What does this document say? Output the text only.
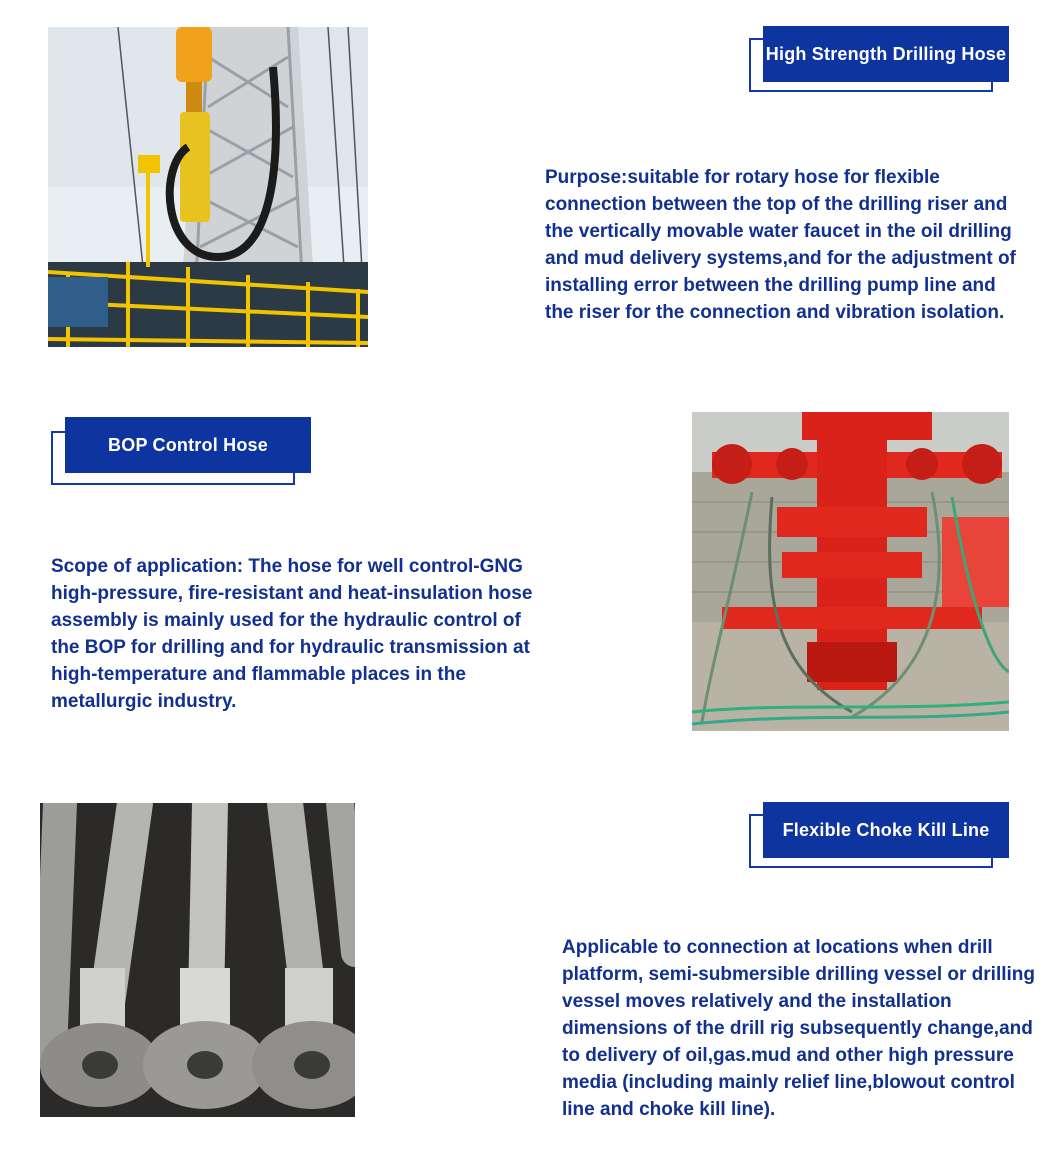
High Strength Drilling Hose
Purpose:suitable for rotary hose for flexible connection between the top of the drilling riser and the vertically movable water faucet in the oil drilling and mud delivery systems,and for the adjustment of installing error between the drilling pump line and the riser for the connection and vibration isolation.
BOP Control Hose
Scope of application: The hose for well control-GNG high-pressure, fire-resistant and heat-insulation hose assembly is mainly used for the hydraulic control of the BOP for drilling and for hydraulic transmission at high-temperature and flammable places in the metallurgic industry.
Flexible Choke Kill Line
Applicable to connection at locations when drill platform, semi-submersible drilling vessel or drilling vessel moves relatively and the installation dimensions of the drill rig subsequently change,and to delivery of oil,gas.mud and other high pressure media (including mainly relief line,blowout control line and choke kill line).
